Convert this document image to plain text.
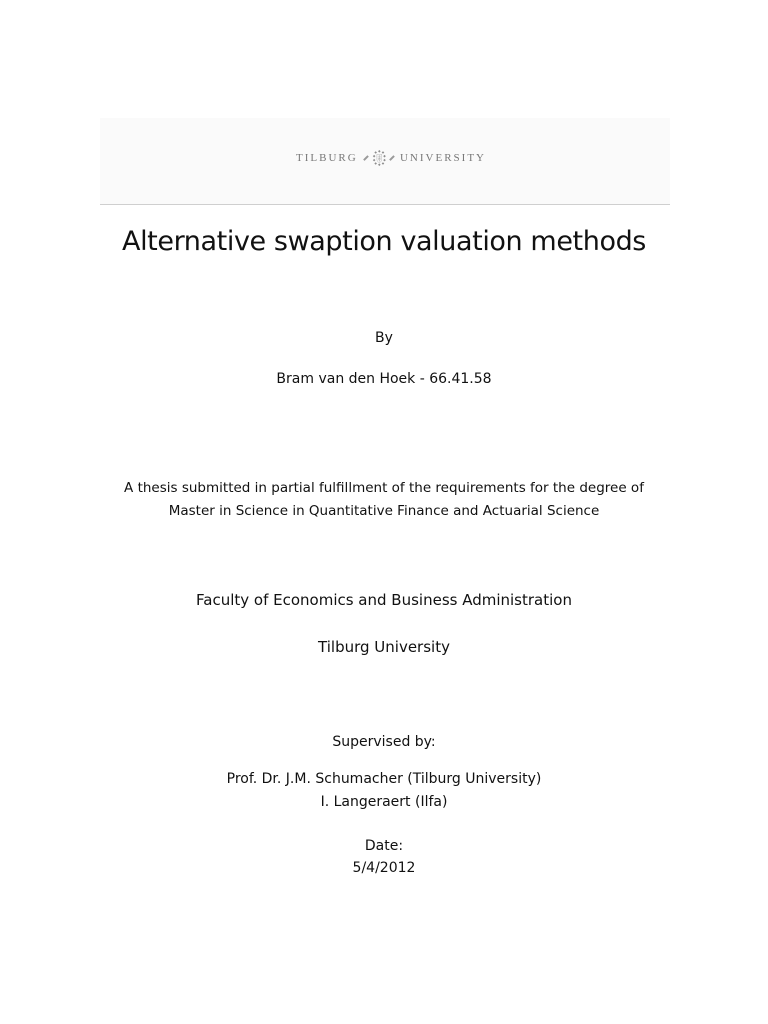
TILBURG	UNIVERSITY
Alternative swaption valuation methods
By
Bram van den Hoek - 66.41.58
A thesis submitted in partial fulfillment of the requirements for the degree of
Master in Science in Quantitative Finance and Actuarial Science
Faculty of Economics and Business Administration
Tilburg University
Supervised by:
Prof. Dr. J.M. Schumacher (Tilburg University)
I. Langeraert (Ilfa)
Date:
5/4/2012
